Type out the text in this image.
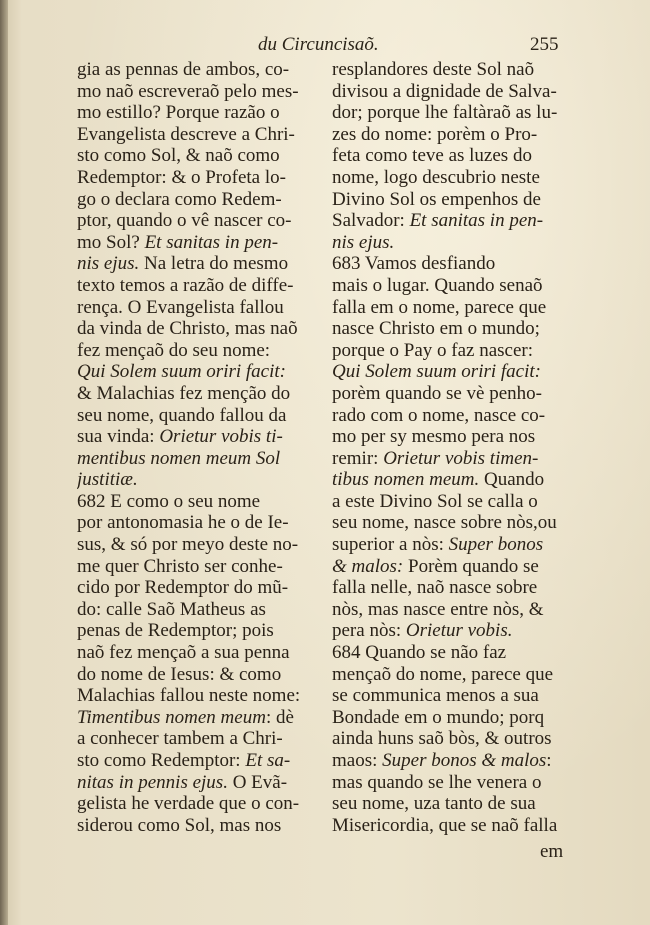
du Circuncisaõ.	255
gia as pennas de ambos, co-
mo naõ escreveraõ pelo mes-
mo estillo? Porque razão o
Evangelista descreve a Chri-
sto como Sol, & naõ como
Redemptor: & o Profeta lo-
go o declara como Redem-
ptor, quando o vê nascer co-
mo Sol? Et sanitas in pen-
nis ejus. Na letra do mesmo
texto temos a razão de diffe-
rença. O Evangelista fallou
da vinda de Christo, mas naõ
fez mençaõ do seu nome:
Qui Solem suum oriri facit:
& Malachias fez menção do
seu nome, quando fallou da
sua vinda: Orietur vobis ti-
mentibus nomen meum Sol
justitiæ.
682 E como o seu nome
por antonomasia he o de Ie-
sus, & só por meyo deste no-
me quer Christo ser conhe-
cido por Redemptor do mũ-
do: calle Saõ Matheus as
penas de Redemptor; pois
naõ fez mençaõ a sua penna
do nome de Iesus: & como
Malachias fallou neste nome:
Timentibus nomen meum: dè
a conhecer tambem a Chri-
sto como Redemptor: Et sa-
nitas in pennis ejus. O Evã-
gelista he verdade que o con-
siderou como Sol, mas nos
resplandores deste Sol naõ
divisou a dignidade de Salva-
dor; porque lhe faltàraõ as lu-
zes do nome: porèm o Pro-
feta como teve as luzes do
nome, logo descubrio neste
Divino Sol os empenhos de
Salvador: Et sanitas in pen-
nis ejus.
683 Vamos desfiando
mais o lugar. Quando senaõ
falla em o nome, parece que
nasce Christo em o mundo;
porque o Pay o faz nascer:
Qui Solem suum oriri facit:
porèm quando se vè penho-
rado com o nome, nasce co-
mo per sy mesmo pera nos
remir: Orietur vobis timen-
tibus nomen meum. Quando
a este Divino Sol se calla o
seu nome, nasce sobre nòs,ou
superior a nòs: Super bonos
& malos: Porèm quando se
falla nelle, naõ nasce sobre
nòs, mas nasce entre nòs, &
pera nòs: Orietur vobis.
684 Quando se não faz
mençaõ do nome, parece que
se communica menos a sua
Bondade em o mundo; porq
ainda huns saõ bòs, & outros
maos: Super bonos & malos:
mas quando se lhe venera o
seu nome, uza tanto de sua
Misericordia, que se naõ falla
em
